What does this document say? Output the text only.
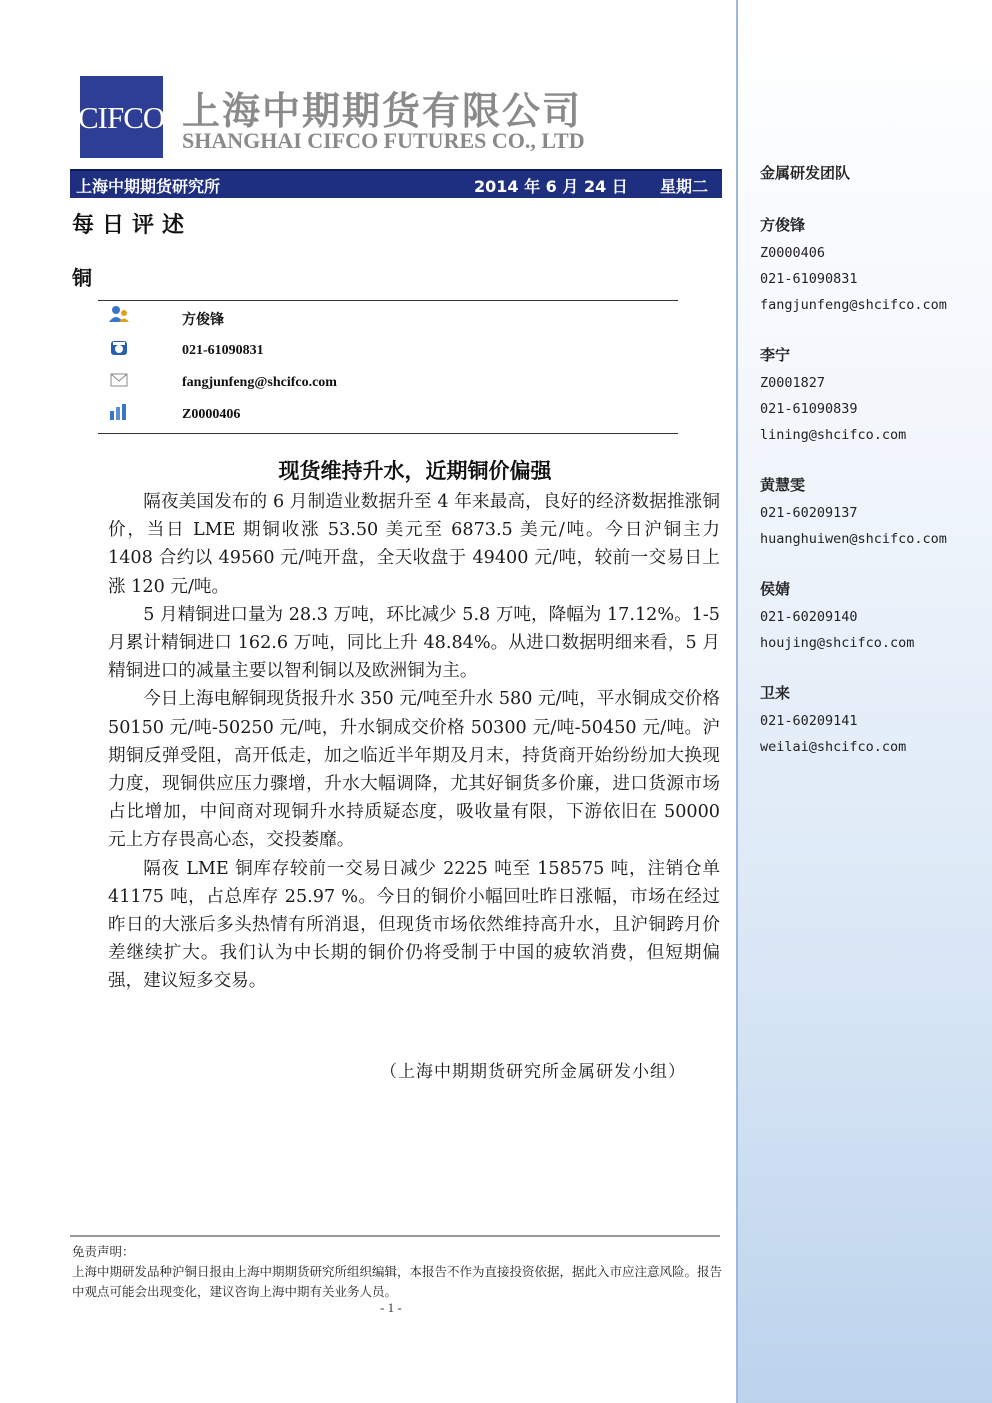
CIFCO 上海中期期货有限公司
SHANGHAI CIFCO FUTURES CO., LTD
上海中期期货研究所	2014 年 6 月 24 日 星期二
每日评述
铜
方俊锋
021-61090831
fangjunfeng@shcifco.com
Z0000406
现货维持升水，近期铜价偏强

隔夜美国发布的 6 月制造业数据升至 4 年来最高，良好的经济数据推涨铜价，当日 LME 期铜收涨 53.50 美元至 6873.5 美元/吨。今日沪铜主力 1408 合约以 49560 元/吨开盘，全天收盘于 49400 元/吨，较前一交易日上涨 120 元/吨。

5 月精铜进口量为 28.3 万吨，环比减少 5.8 万吨，降幅为 17.12%。1-5 月累计精铜进口 162.6 万吨，同比上升 48.84%。从进口数据明细来看，5 月精铜进口的减量主要以智利铜以及欧洲铜为主。

今日上海电解铜现货报升水 350 元/吨至升水 580 元/吨，平水铜成交价格 50150 元/吨-50250 元/吨，升水铜成交价格 50300 元/吨-50450 元/吨。沪期铜反弹受阻，高开低走，加之临近半年期及月末，持货商开始纷纷加大换现力度，现铜供应压力骤增，升水大幅调降，尤其好铜货多价廉，进口货源市场占比增加，中间商对现铜升水持质疑态度，吸收量有限，下游依旧在 50000 元上方存畏高心态，交投萎靡。

隔夜 LME 铜库存较前一交易日减少 2225 吨至 158575 吨，注销仓单 41175 吨，占总库存 25.97 %。今日的铜价小幅回吐昨日涨幅，市场在经过昨日的大涨后多头热情有所消退，但现货市场依然维持高升水，且沪铜跨月价差继续扩大。我们认为中长期的铜价仍将受制于中国的疲软消费，但短期偏强，建议短多交易。

（上海中期期货研究所金属研发小组）
免责声明：
上海中期研发品种沪铜日报由上海中期期货研究所组织编辑，本报告不作为直接投资依据，据此入市应注意风险。报告中观点可能会出现变化，建议咨询上海中期有关业务人员。
- 1 -
金属研发团队
方俊锋
Z0000406
021-61090831
fangjunfeng@shcifco.com
李宁
Z0001827
021-61090839
lining@shcifco.com
黄慧雯
021-60209137
huanghuiwen@shcifco.com
侯婧
021-60209140
houjing@shcifco.com
卫来
021-60209141
weilai@shcifco.com
